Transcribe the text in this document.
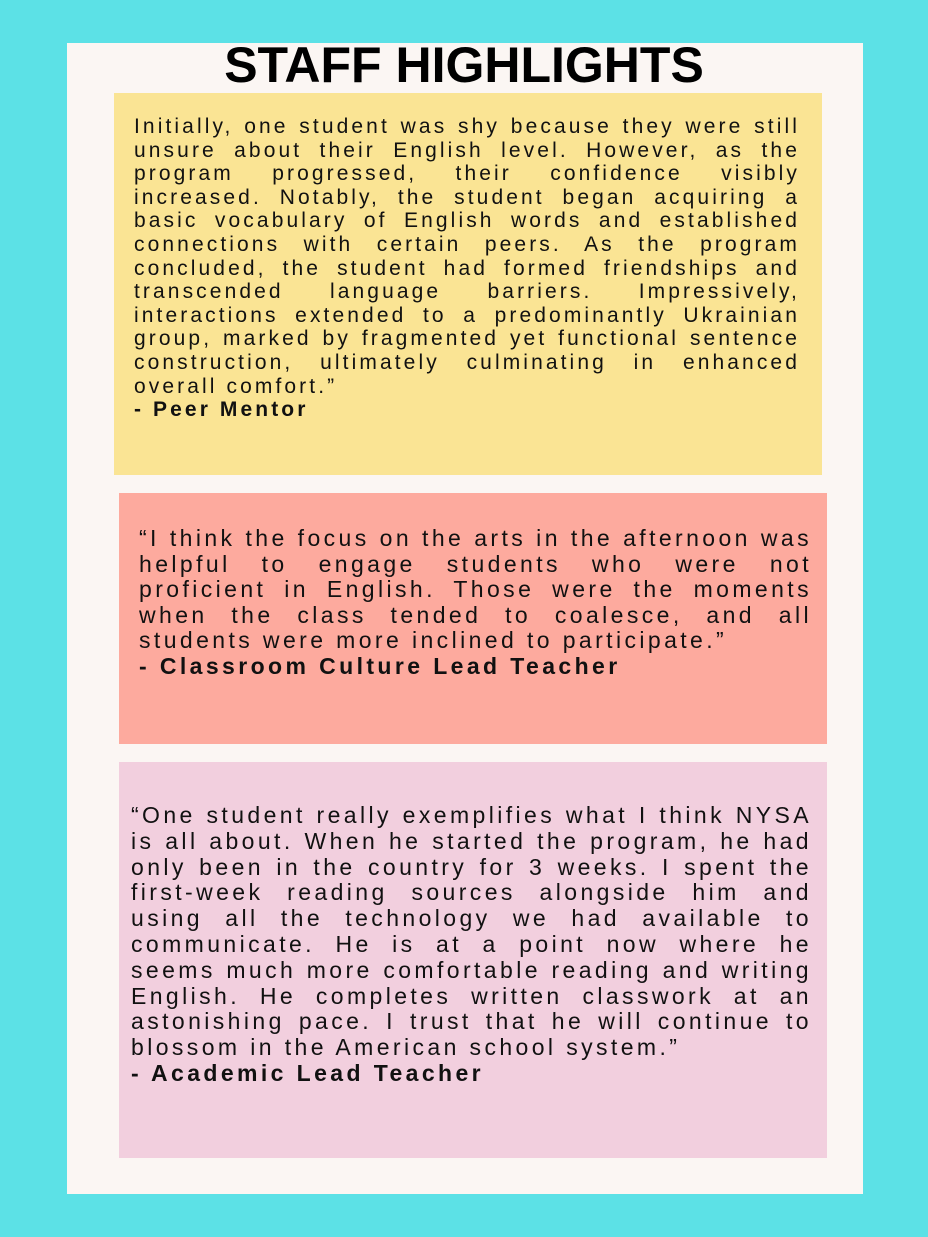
STAFF HIGHLIGHTS

Initially, one student was shy because they were still unsure about their English level. However, as the program progressed, their confidence visibly increased. Notably, the student began acquiring a basic vocabulary of English words and established connections with certain peers. As the program concluded, the student had formed friendships and transcended language barriers. Impressively, interactions extended to a predominantly Ukrainian group, marked by fragmented yet functional sentence construction, ultimately culminating in enhanced overall comfort.”

- Peer Mentor

“I think the focus on the arts in the afternoon was helpful to engage students who were not proficient in English. Those were the moments when the class tended to coalesce, and all students were more inclined to participate.”

- Classroom Culture Lead Teacher

“One student really exemplifies what I think NYSA is all about. When he started the program, he had only been in the country for 3 weeks. I spent the first-week reading sources alongside him and using all the technology we had available to communicate. He is at a point now where he seems much more comfortable reading and writing English. He completes written classwork at an astonishing pace. I trust that he will continue to blossom in the American school system.”

- Academic Lead Teacher
